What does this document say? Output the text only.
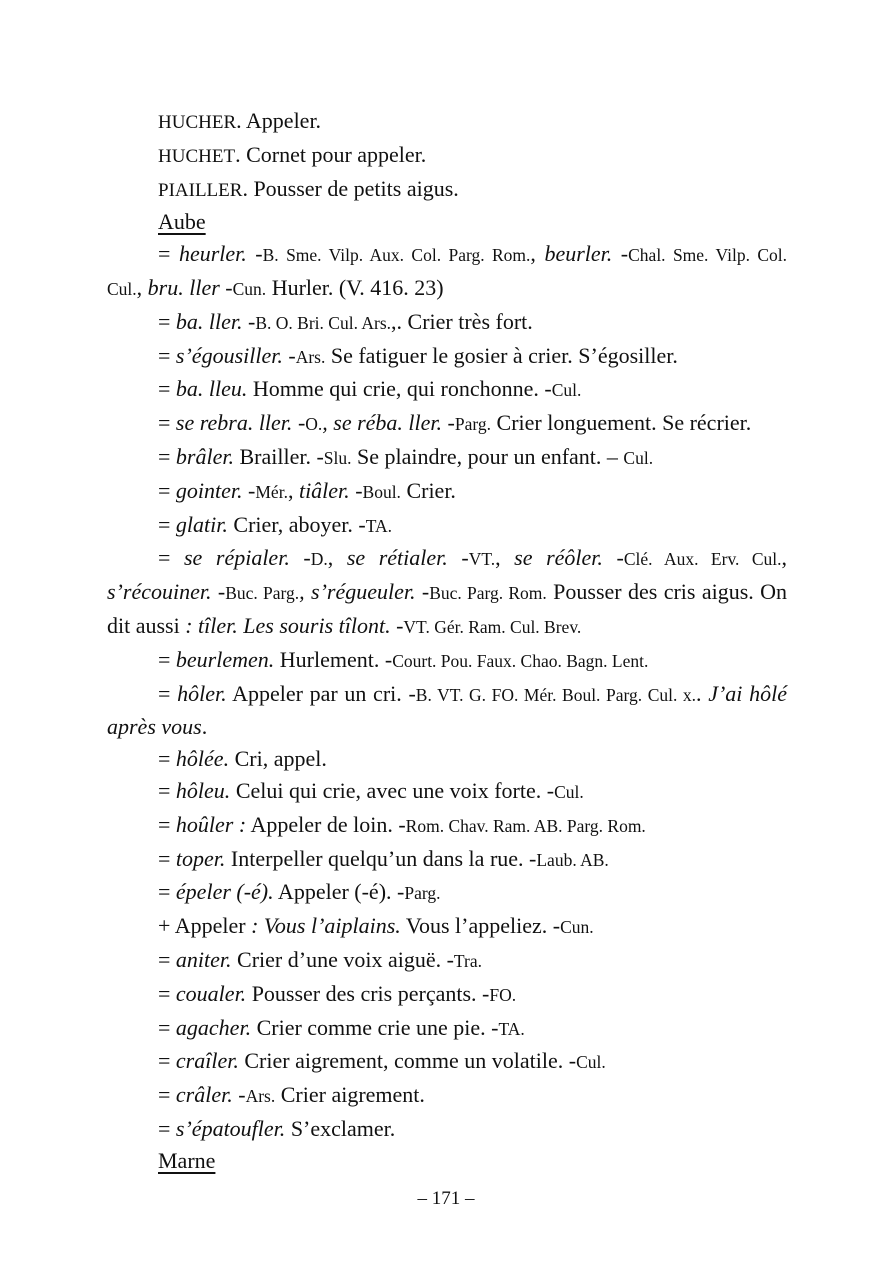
HUCHER. Appeler.

HUCHET. Cornet pour appeler.

PIAILLER. Pousser de petits aigus.

Aube

= heurler. -B. Sme. Vilp. Aux. Col. Parg. Rom., beurler. -Chal. Sme. Vilp. Col. Cul., bru. ller -Cun. Hurler. (V. 416. 23)

= ba. ller. -B. O. Bri. Cul. Ars.,. Crier très fort.

= s’égousiller. -Ars. Se fatiguer le gosier à crier. S’égosiller.

= ba. lleu. Homme qui crie, qui ronchonne. -Cul.

= se rebra. ller. -O., se réba. ller. -Parg. Crier longuement. Se récrier.

= brâler. Brailler. -Slu. Se plaindre, pour un enfant. – Cul.

= gointer. -Mér., tiâler. -Boul. Crier.

= glatir. Crier, aboyer. -TA.

= se répialer. -D., se rétialer. -VT., se réôler. -Clé. Aux. Erv. Cul., s’récouiner. -Buc. Parg., s’régueuler. -Buc. Parg. Rom. Pousser des cris aigus. On dit aussi : tîler. Les souris tîlont. -VT. Gér. Ram. Cul. Brev.

= beurlemen. Hurlement. -Court. Pou. Faux. Chao. Bagn. Lent.

= hôler. Appeler par un cri. -B. VT. G. FO. Mér. Boul. Parg. Cul. x.. J’ai hôlé après vous.

= hôlée. Cri, appel.

= hôleu. Celui qui crie, avec une voix forte. -Cul.

= hoûler : Appeler de loin. -Rom. Chav. Ram. AB. Parg. Rom.

= toper. Interpeller quelqu’un dans la rue. -Laub. AB.

= épeler (-é). Appeler (-é). -Parg.

+ Appeler : Vous l’aiplains. Vous l’appeliez. -Cun.

= aniter. Crier d’une voix aiguë. -Tra.

= coualer. Pousser des cris perçants. -FO.

= agacher. Crier comme crie une pie. -TA.

= craîler. Crier aigrement, comme un volatile. -Cul.

= crâler. -Ars. Crier aigrement.

= s’épatoufler. S’exclamer.

Marne

– 171 –
